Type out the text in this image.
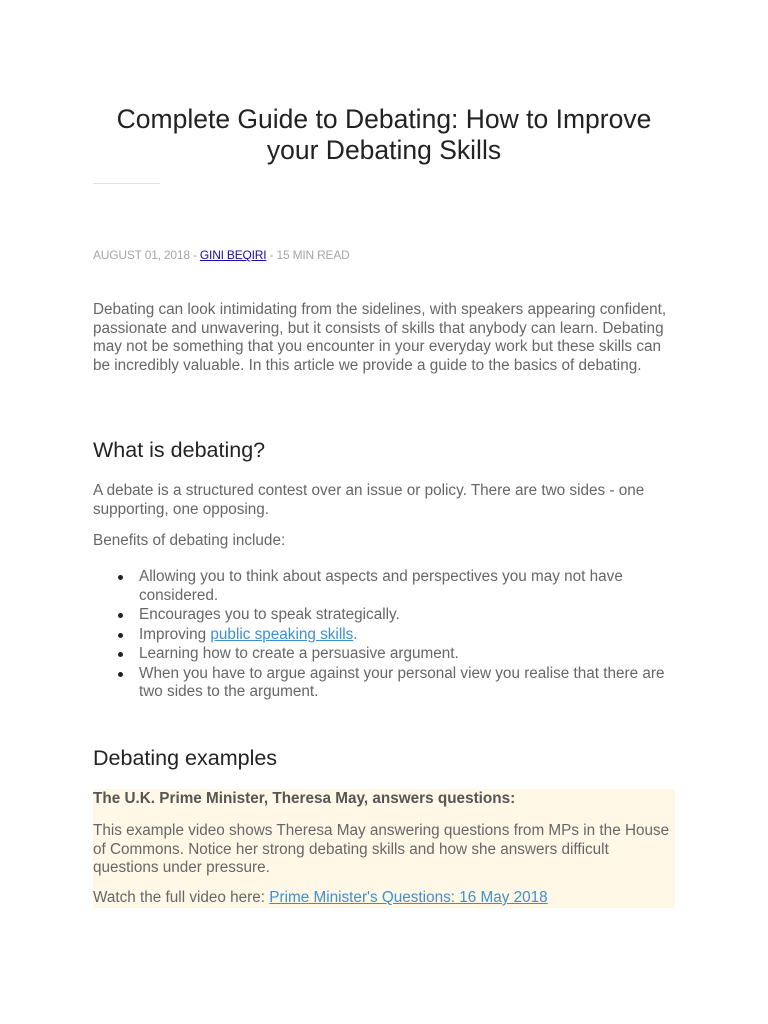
Complete Guide to Debating: How to Improve your Debating Skills
AUGUST 01, 2018 - GINI BEQIRI - 15 MIN READ

Debating can look intimidating from the sidelines, with speakers appearing confident, passionate and unwavering, but it consists of skills that anybody can learn. Debating may not be something that you encounter in your everyday work but these skills can be incredibly valuable. In this article we provide a guide to the basics of debating.

What is debating?

A debate is a structured contest over an issue or policy. There are two sides - one supporting, one opposing.

Benefits of debating include:

Allowing you to think about aspects and perspectives you may not have considered.
Encourages you to speak strategically.
Improving public speaking skills.
Learning how to create a persuasive argument.
When you have to argue against your personal view you realise that there are two sides to the argument.
Debating examples

The U.K. Prime Minister, Theresa May, answers questions:

This example video shows Theresa May answering questions from MPs in the House of Commons. Notice her strong debating skills and how she answers difficult questions under pressure.

Watch the full video here: Prime Minister's Questions: 16 May 2018
